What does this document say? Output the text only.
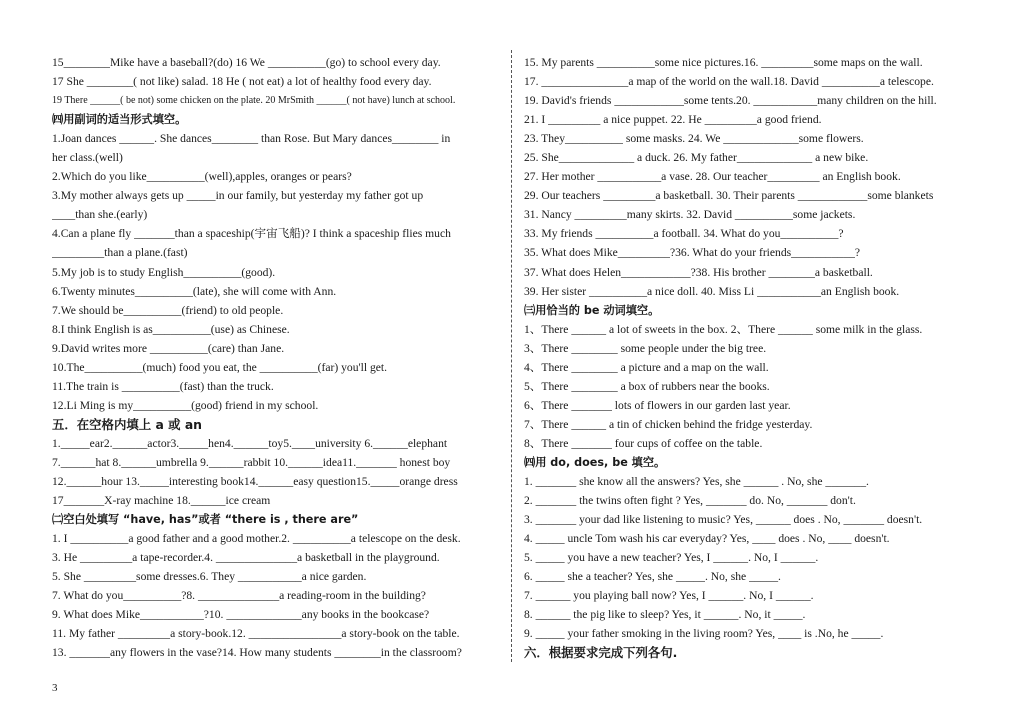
15________Mike have a baseball?(do) 16 We __________(go) to school every day.
17 She ________( not like) salad. 18 He ( not eat) a lot of healthy food every day.
19 There ______( be not) some chicken on the plate. 20 MrSmith ______( not have) lunch at school.
㈣用副词的适当形式填空。
1.Joan dances ______. She dances________ than Rose. But Mary dances________ in
her class.(well)
2.Which do you like__________(well),apples, oranges or pears?
3.My mother always gets up _____in our family, but yesterday my father got up
____than she.(early)
4.Can a plane fly _______than a spaceship(宇宙飞船)? I think a spaceship flies much
_________than a plane.(fast)
5.My job is to study English__________(good).
6.Twenty minutes__________(late), she will come with Ann.
7.We should be__________(friend) to old people.
8.I think English is as__________(use) as Chinese.
9.David writes more __________(care) than Jane.
10.The__________(much) food you eat, the __________(far) you'll get.
11.The train is __________(fast) than the truck.
12.Li Ming is my__________(good) friend in my school.
五．在空格内填上 a 或 an
1._____ear2.______actor3._____hen4.______toy5.____university 6.______elephant
7.______hat 8.______umbrella 9.______rabbit 10.______idea11._______ honest boy
12.______hour 13._____interesting book14.______easy question15._____orange dress
17_______X-ray machine 18.______ice cream
㈡空白处填写 “have, has”或者 “there is , there are”
1. I __________a good father and a good mother.2. __________a telescope on the desk.
3. He _________a tape-recorder.4. ______________a basketball in the playground.
5. She _________some dresses.6. They ___________a nice garden.
7. What do you__________?8. ______________a reading-room in the building?
9. What does Mike___________?10. _____________any books in the bookcase?
11. My father _________a story-book.12. ________________a story-book on the table.
13. _______any flowers in the vase?14. How many students ________in the classroom?
15. My parents __________some nice pictures.16. _________some maps on the wall.
17. _______________a map of the world on the wall.18. David __________a telescope.
19. David's friends ____________some tents.20. ___________many children on the hill.
21. I _________ a nice puppet. 22. He _________a good friend.
23. They__________ some masks. 24. We _____________some flowers.
25. She_____________ a duck. 26. My father_____________ a new bike.
27. Her mother ___________a vase. 28. Our teacher_________ an English book.
29. Our teachers _________a basketball. 30. Their parents ____________some blankets
31. Nancy _________many skirts. 32. David __________some jackets.
33. My friends __________a football. 34. What do you__________?
35. What does Mike_________?36. What do your friends___________?
37. What does Helen____________?38. His brother ________a basketball.
39. Her sister __________a nice doll. 40. Miss Li ___________an English book.
㈢用恰当的 be 动词填空。
1、There ______ a lot of sweets in the box. 2、There ______ some milk in the glass.
3、There ________ some people under the big tree.
4、There ________ a picture and a map on the wall.
5、There ________ a box of rubbers near the books.
6、There _______ lots of flowers in our garden last year.
7、There ______ a tin of chicken behind the fridge yesterday.
8、There _______ four cups of coffee on the table.
㈣用 do, does, be 填空。
1. _______ she know all the answers? Yes, she ______ . No, she _______.
2. _______ the twins often fight ? Yes, _______ do. No, _______ don't.
3. _______ your dad like listening to music? Yes, ______ does . No, _______ doesn't.
4. _____ uncle Tom wash his car everyday? Yes, ____ does . No, ____ doesn't.
5. _____ you have a new teacher? Yes, I ______. No, I ______.
6. _____ she a teacher? Yes, she _____. No, she _____.
7. ______ you playing ball now? Yes, I ______. No, I ______.
8. ______ the pig like to sleep? Yes, it ______. No, it _____.
9. _____ your father smoking in the living room? Yes, ____ is .No, he _____.
六．根据要求完成下列各句.
3
